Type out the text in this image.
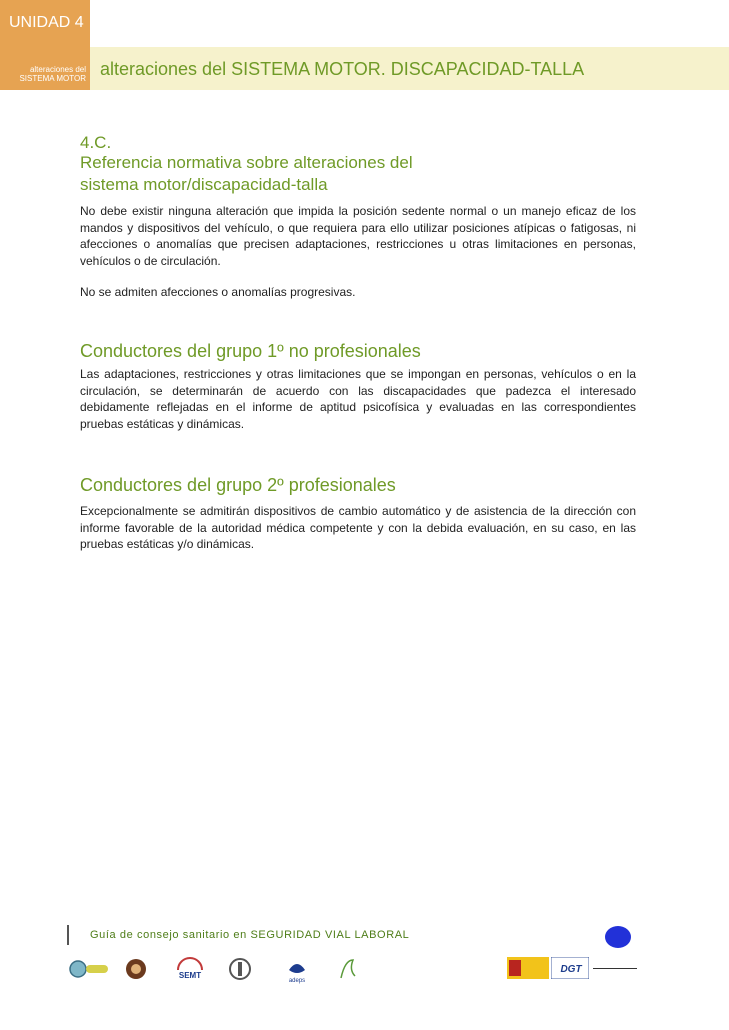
UNIDAD 4
alteraciones del
SISTEMA MOTOR alteraciones del SISTEMA MOTOR. DISCAPACIDAD-TALLA
4.C.
Referencia normativa sobre alteraciones del
sistema motor/discapacidad-talla

No debe existir ninguna alteración que impida la posición sedente normal o un manejo eficaz de los mandos y dispositivos del vehículo, o que requiera para ello utilizar posiciones atípicas o fatigosas, ni afecciones o anomalías que precisen adaptaciones, restricciones u otras limitaciones en personas, vehículos o de circulación.

No se admiten afecciones o anomalías progresivas.

Conductores del grupo 1º no profesionales

Las adaptaciones, restricciones y otras limitaciones que se impongan en personas, vehículos o en la circulación, se determinarán de acuerdo con las discapacidades que padezca el interesado debidamente reflejadas en el informe de aptitud psicofísica y evaluadas en las correspondientes pruebas estáticas y dinámicas.

Conductores del grupo 2º profesionales

Excepcionalmente se admitirán dispositivos de cambio automático y de asistencia de la dirección con informe favorable de la autoridad médica competente y con la debida evaluación, en su caso, en las pruebas estáticas y/o dinámicas.

Guía de consejo sanitario en SEGURIDAD VIAL LABORAL
SEMT
adeps
DGT
